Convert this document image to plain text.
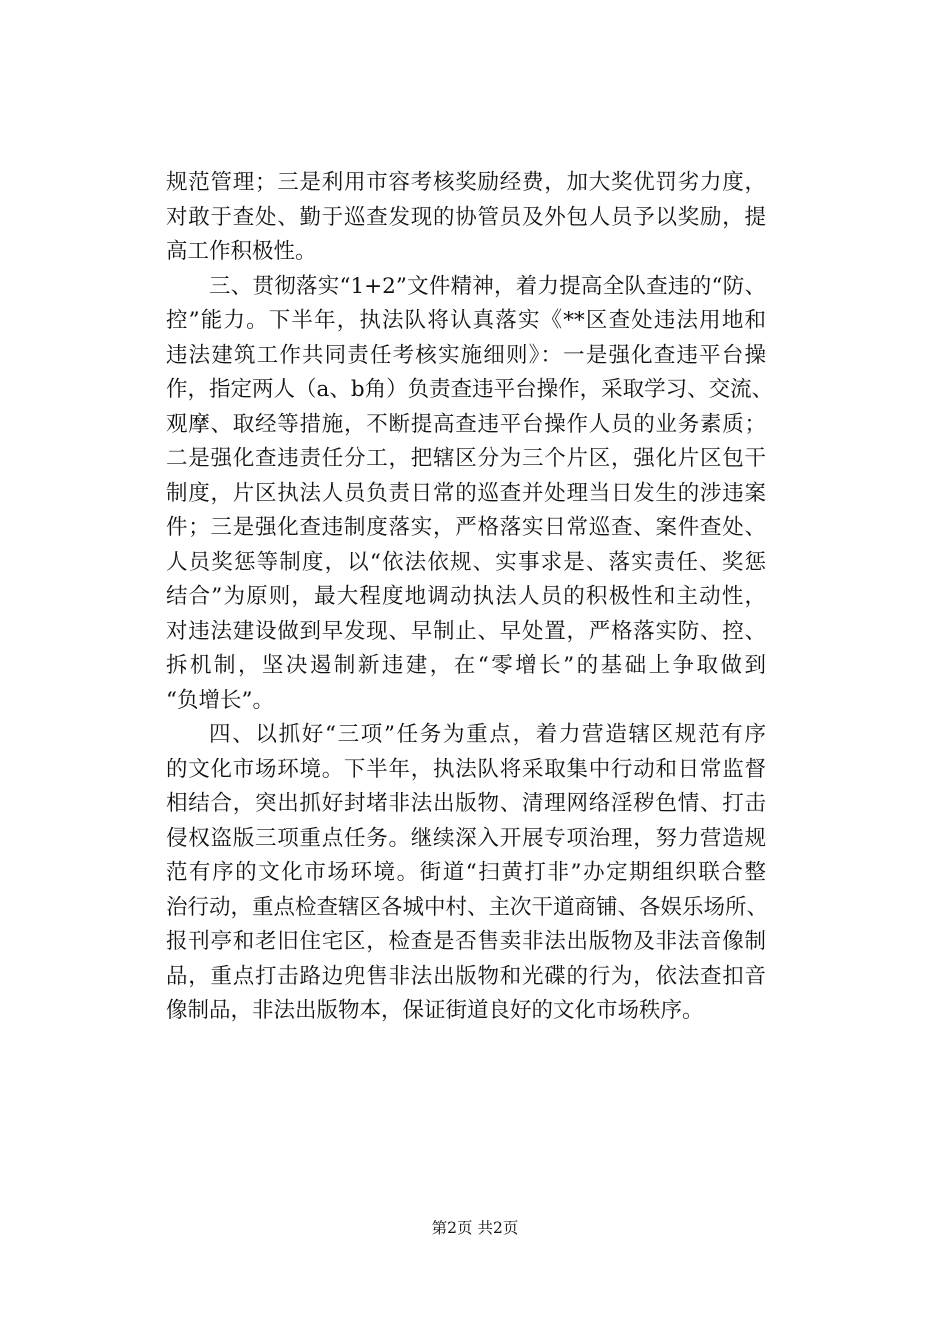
规范管理；三是利用市容考核奖励经费，加大奖优罚劣力度，
对敢于查处、勤于巡查发现的协管员及外包人员予以奖励，提
高工作积极性。
三、贯彻落实“1+2”文件精神，着力提高全队查违的“防、
控”能力。下半年，执法队将认真落实《**区查处违法用地和
违法建筑工作共同责任考核实施细则》：一是强化查违平台操
作，指定两人（a、b角）负责查违平台操作，采取学习、交流、
观摩、取经等措施，不断提高查违平台操作人员的业务素质；
二是强化查违责任分工，把辖区分为三个片区，强化片区包干
制度，片区执法人员负责日常的巡查并处理当日发生的涉违案
件；三是强化查违制度落实，严格落实日常巡查、案件查处、
人员奖惩等制度，以“依法依规、实事求是、落实责任、奖惩
结合”为原则，最大程度地调动执法人员的积极性和主动性，
对违法建设做到早发现、早制止、早处置，严格落实防、控、
拆机制，坚决遏制新违建，在“零增长”的基础上争取做到
“负增长”。
四、以抓好“三项”任务为重点，着力营造辖区规范有序
的文化市场环境。下半年，执法队将采取集中行动和日常监督
相结合，突出抓好封堵非法出版物、清理网络淫秽色情、打击
侵权盗版三项重点任务。继续深入开展专项治理，努力营造规
范有序的文化市场环境。街道“扫黄打非”办定期组织联合整
治行动，重点检查辖区各城中村、主次干道商铺、各娱乐场所、
报刊亭和老旧住宅区，检查是否售卖非法出版物及非法音像制
品，重点打击路边兜售非法出版物和光碟的行为，依法查扣音
像制品，非法出版物本，保证街道良好的文化市场秩序。
第2页 共2页
